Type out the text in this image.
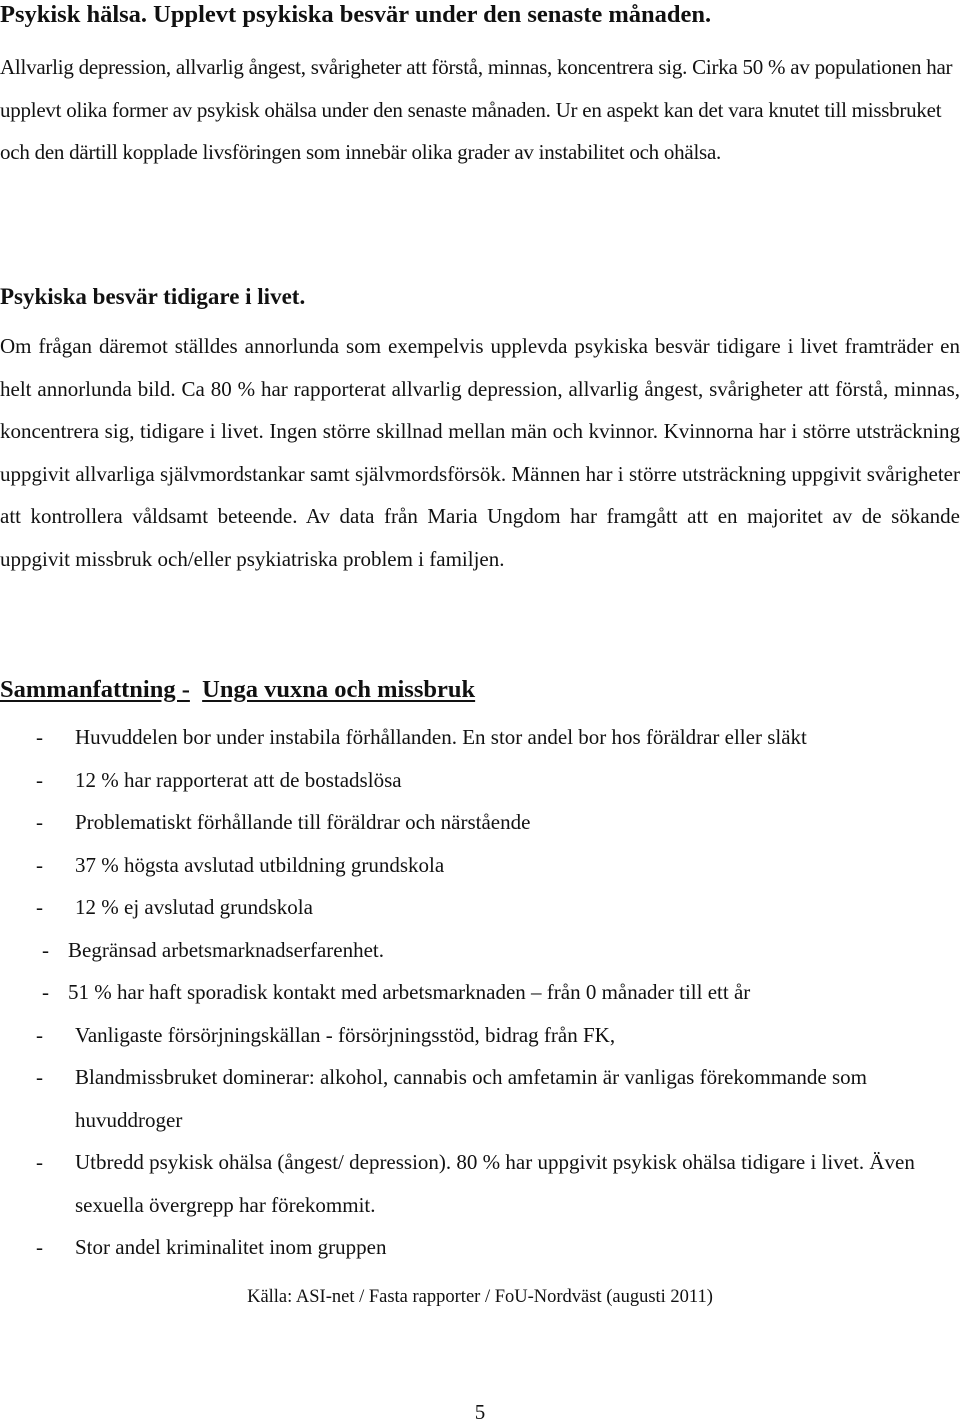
Psykisk hälsa. Upplevt psykiska besvär under den senaste månaden.

Allvarlig depression, allvarlig ångest, svårigheter att förstå, minnas, koncentrera sig. Cirka 50 % av populationen har upplevt olika former av psykisk ohälsa under den senaste månaden. Ur en aspekt kan det vara knutet till missbruket och den därtill kopplade livsföringen som innebär olika grader av instabilitet och ohälsa.

Psykiska besvär tidigare i livet.

Om frågan däremot ställdes annorlunda som exempelvis upplevda psykiska besvär tidigare i livet framträder en helt annorlunda bild. Ca 80 % har rapporterat allvarlig depression, allvarlig ångest, svårigheter att förstå, minnas, koncentrera sig, tidigare i livet. Ingen större skillnad mellan män och kvinnor. Kvinnorna har i större utsträckning uppgivit allvarliga självmordstankar samt självmordsförsök. Männen har i större utsträckning uppgivit svårigheter att kontrollera våldsamt beteende. Av data från Maria Ungdom har framgått att en majoritet av de sökande uppgivit missbruk och/eller psykiatriska problem i familjen.

Sammanfattning - Unga vuxna och missbruk
- Huvuddelen bor under instabila förhållanden. En stor andel bor hos föräldrar eller släkt
- 12 % har rapporterat att de bostadslösa
- Problematiskt förhållande till föräldrar och närstående
- 37 % högsta avslutad utbildning grundskola
- 12 % ej avslutad grundskola
- Begränsad arbetsmarknadserfarenhet.
- 51 % har haft sporadisk kontakt med arbetsmarknaden – från 0 månader till ett år
- Vanligaste försörjningskällan - försörjningsstöd, bidrag från FK,
- Blandmissbruket dominerar: alkohol, cannabis och amfetamin är vanligas förekommande som huvuddroger
- Utbredd psykisk ohälsa (ångest/ depression). 80 % har uppgivit psykisk ohälsa tidigare i livet. Även sexuella övergrepp har förekommit.
- Stor andel kriminalitet inom gruppen
Källa: ASI-net / Fasta rapporter / FoU-Nordväst (augusti 2011)
5
